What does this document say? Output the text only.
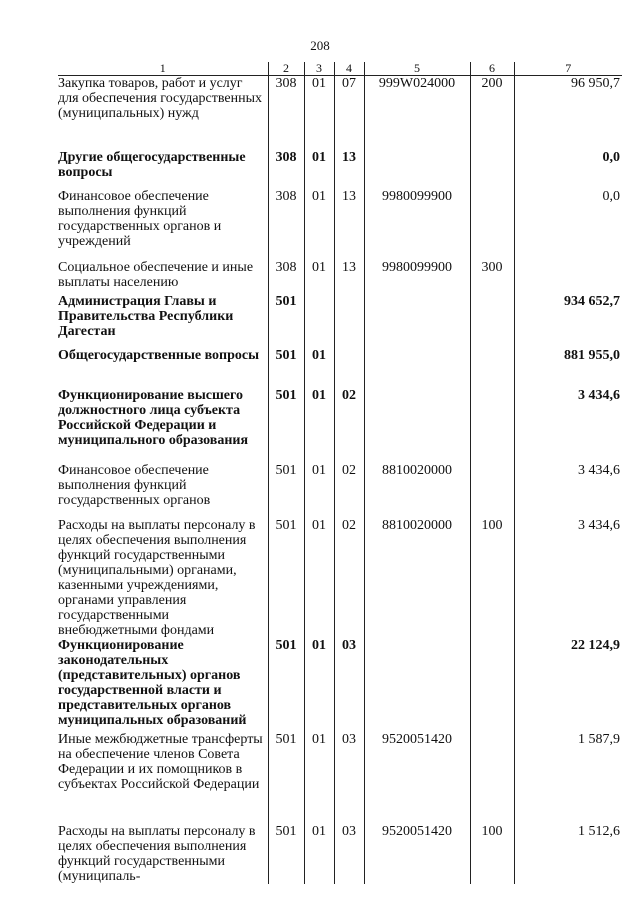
208
1	2	3	4	5	6	7
Закупка товаров, работ и услуг для обеспечения государственных (муниципальных) нужд	308	01	07	999W024000	200	96 950,7
Другие общегосударственные вопросы	308	01	13			0,0
Финансовое обеспечение выполнения функций государственных органов и учреждений	308	01	13	9980099900		0,0
Социальное обеспечение и иные выплаты населению	308	01	13	9980099900	300	
Администрация Главы и Правительства Республики Дагестан	501					934 652,7
Общегосударственные вопросы	501	01				881 955,0
Функционирование высшего должностного лица субъекта Российской Федерации и муниципального образования	501	01	02			3 434,6
Финансовое обеспечение выполнения функций государственных органов	501	01	02	8810020000		3 434,6
Расходы на выплаты персоналу в целях обеспечения выполнения функций государственными (муниципальными) органами, казенными учреждениями, органами управления государственными внебюджетными фондами	501	01	02	8810020000	100	3 434,6
Функционирование законодательных (представительных) органов государственной власти и представительных органов муниципальных образований	501	01	03			22 124,9
Иные межбюджетные трансферты на обеспечение членов Совета Федерации и их помощников в субъектах Российской Федерации	501	01	03	9520051420		1 587,9
Расходы на выплаты персоналу в целях обеспечения выполнения функций государственными (муниципаль-	501	01	03	9520051420	100	1 512,6
